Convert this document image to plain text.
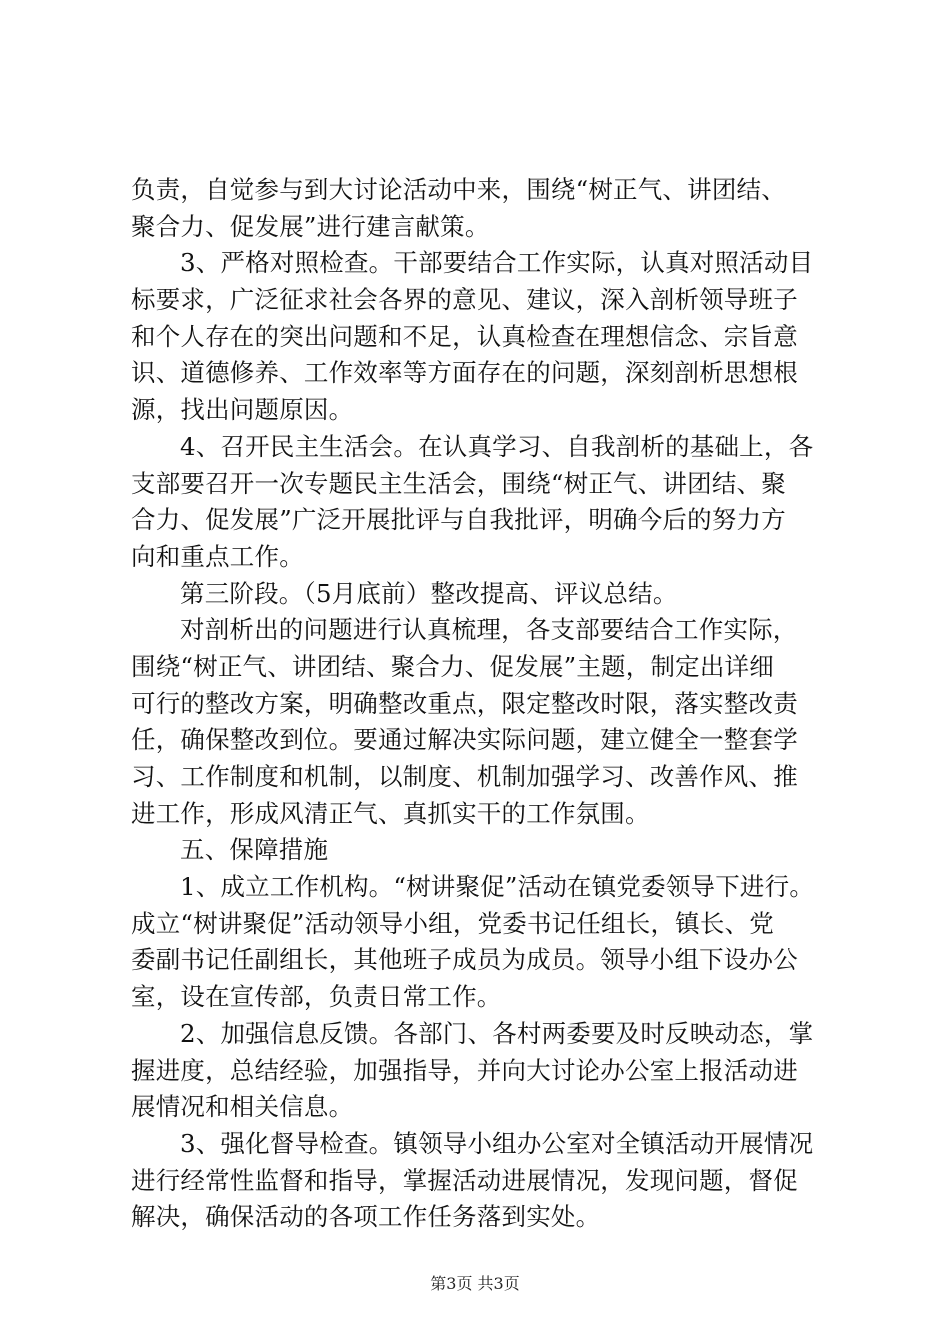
负责，自觉参与到大讨论活动中来，围绕“树正气、讲团结、
聚合力、促发展”进行建言献策。
3、严格对照检查。干部要结合工作实际，认真对照活动目
标要求，广泛征求社会各界的意见、建议，深入剖析领导班子
和个人存在的突出问题和不足，认真检查在理想信念、宗旨意
识、道德修养、工作效率等方面存在的问题，深刻剖析思想根
源，找出问题原因。
4、召开民主生活会。在认真学习、自我剖析的基础上，各
支部要召开一次专题民主生活会，围绕“树正气、讲团结、聚
合力、促发展”广泛开展批评与自我批评，明确今后的努力方
向和重点工作。
第三阶段。（5月底前）整改提高、评议总结。
对剖析出的问题进行认真梳理，各支部要结合工作实际，
围绕“树正气、讲团结、聚合力、促发展”主题，制定出详细
可行的整改方案，明确整改重点，限定整改时限，落实整改责
任，确保整改到位。要通过解决实际问题，建立健全一整套学
习、工作制度和机制，以制度、机制加强学习、改善作风、推
进工作，形成风清正气、真抓实干的工作氛围。
五、保障措施
1、成立工作机构。“树讲聚促”活动在镇党委领导下进行。
成立“树讲聚促”活动领导小组，党委书记任组长，镇长、党
委副书记任副组长，其他班子成员为成员。领导小组下设办公
室，设在宣传部，负责日常工作。
2、加强信息反馈。各部门、各村两委要及时反映动态，掌
握进度，总结经验，加强指导，并向大讨论办公室上报活动进
展情况和相关信息。
3、强化督导检查。镇领导小组办公室对全镇活动开展情况
进行经常性监督和指导，掌握活动进展情况，发现问题，督促
解决，确保活动的各项工作任务落到实处。
第3页 共3页
